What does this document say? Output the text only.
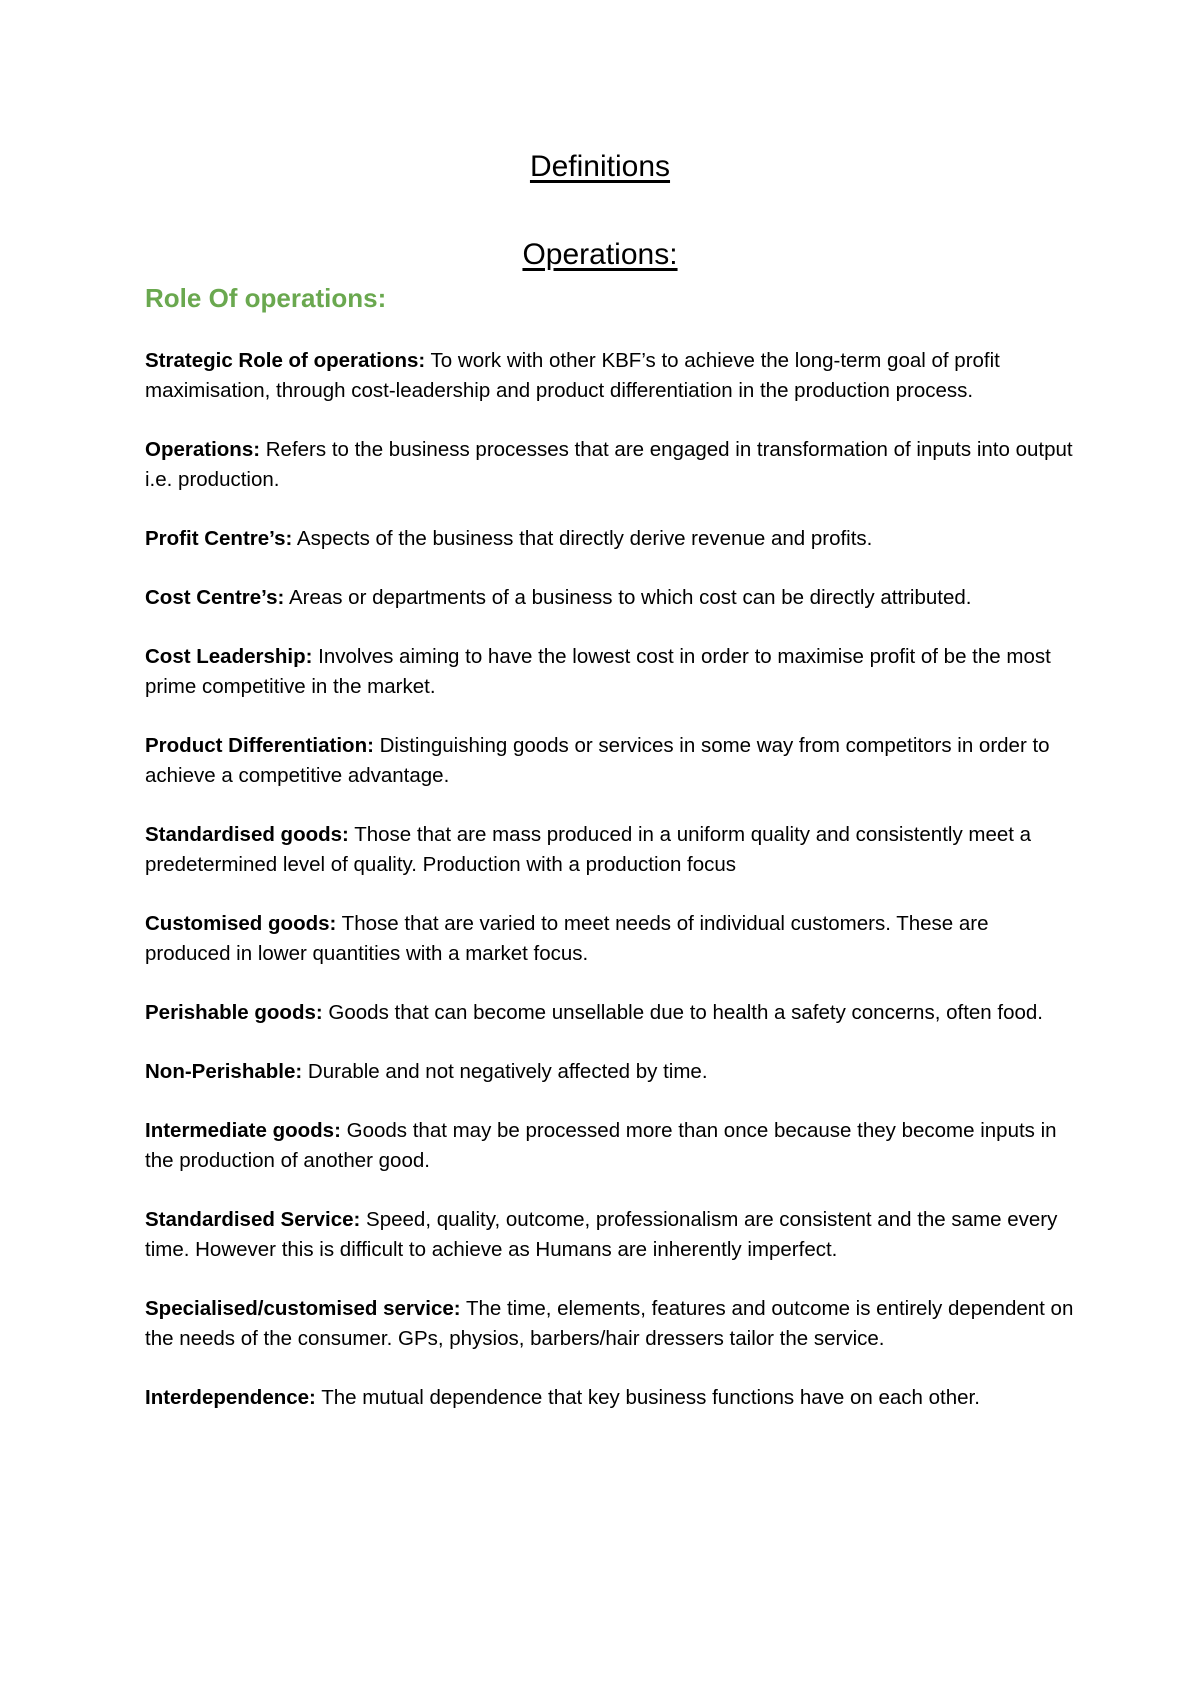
Definitions
Operations:
Role Of operations:
Strategic Role of operations: To work with other KBF’s to achieve the long-term goal of profit maximisation, through cost-leadership and product differentiation in the production process.
Operations: Refers to the business processes that are engaged in transformation of inputs into output i.e. production.
Profit Centre’s: Aspects of the business that directly derive revenue and profits.
Cost Centre’s: Areas or departments of a business to which cost can be directly attributed.
Cost Leadership: Involves aiming to have the lowest cost in order to maximise profit of be the most prime competitive in the market.
Product Differentiation: Distinguishing goods or services in some way from competitors in order to achieve a competitive advantage.
Standardised goods: Those that are mass produced in a uniform quality and consistently meet a predetermined level of quality. Production with a production focus
Customised goods: Those that are varied to meet needs of individual customers. These are produced in lower quantities with a market focus.
Perishable goods: Goods that can become unsellable due to health a safety concerns, often food.
Non-Perishable: Durable and not negatively affected by time.
Intermediate goods: Goods that may be processed more than once because they become inputs in the production of another good.
Standardised Service: Speed, quality, outcome, professionalism are consistent and the same every time. However this is difficult to achieve as Humans are inherently imperfect.
Specialised/customised service: The time, elements, features and outcome is entirely dependent on the needs of the consumer. GPs, physios, barbers/hair dressers tailor the service.
Interdependence: The mutual dependence that key business functions have on each other.
